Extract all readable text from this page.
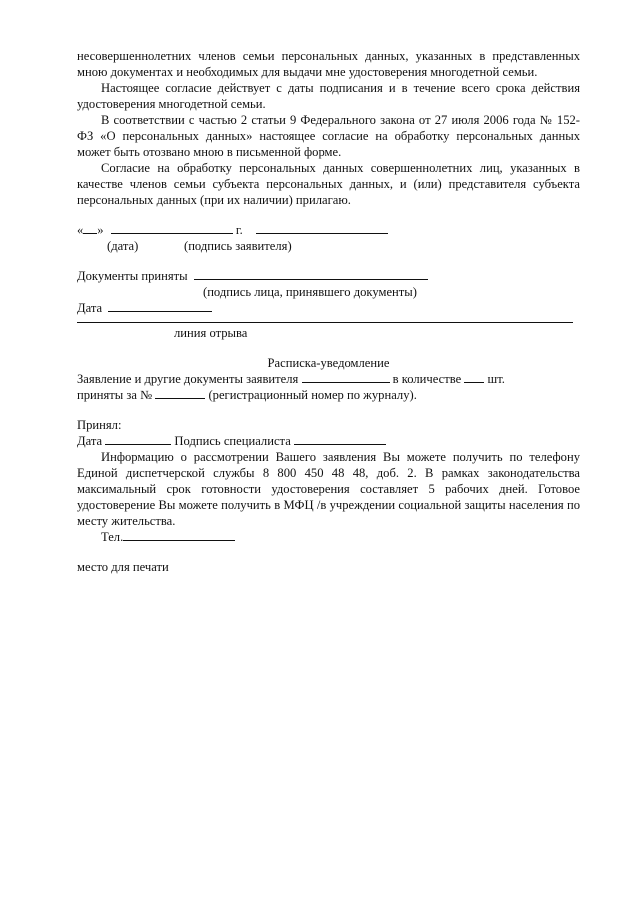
несовершеннолетних членов семьи персональных данных, указанных в представленных мною документах и необходимых для выдачи мне удостоверения многодетной семьи.

Настоящее согласие действует с даты подписания и в течение всего срока действия удостоверения многодетной семьи.

В соответствии с частью 2 статьи 9 Федерального закона от 27 июля 2006 года № 152-ФЗ «О персональных данных» настоящее согласие на обработку персональных данных может быть отозвано мною в письменной форме.

Согласие на обработку персональных данных совершеннолетних лиц, указанных в качестве членов семьи субъекта персональных данных, и (или) представителя субъекта персональных данных (при их наличии) прилагаю.

« »	г.
(дата)	(подпись заявителя)
Документы приняты
(подпись лица, принявшего документы)
Дата
линия отрыва
Расписка-уведомление
Заявление и другие документы заявителя	в количестве шт.
приняты за №	(регистрационный номер по журналу).
Принял:
Дата	Подпись специалиста

Информацию о рассмотрении Вашего заявления Вы можете получить по телефону Единой диспетчерской службы 8 800 450 48 48, доб. 2. В рамках законодательства максимальный срок готовности удостоверения составляет 5 рабочих дней. Готовое удостоверение Вы можете получить в МФЦ /в учреждении социальной защиты населения по месту жительства.

Тел.
место для печати
